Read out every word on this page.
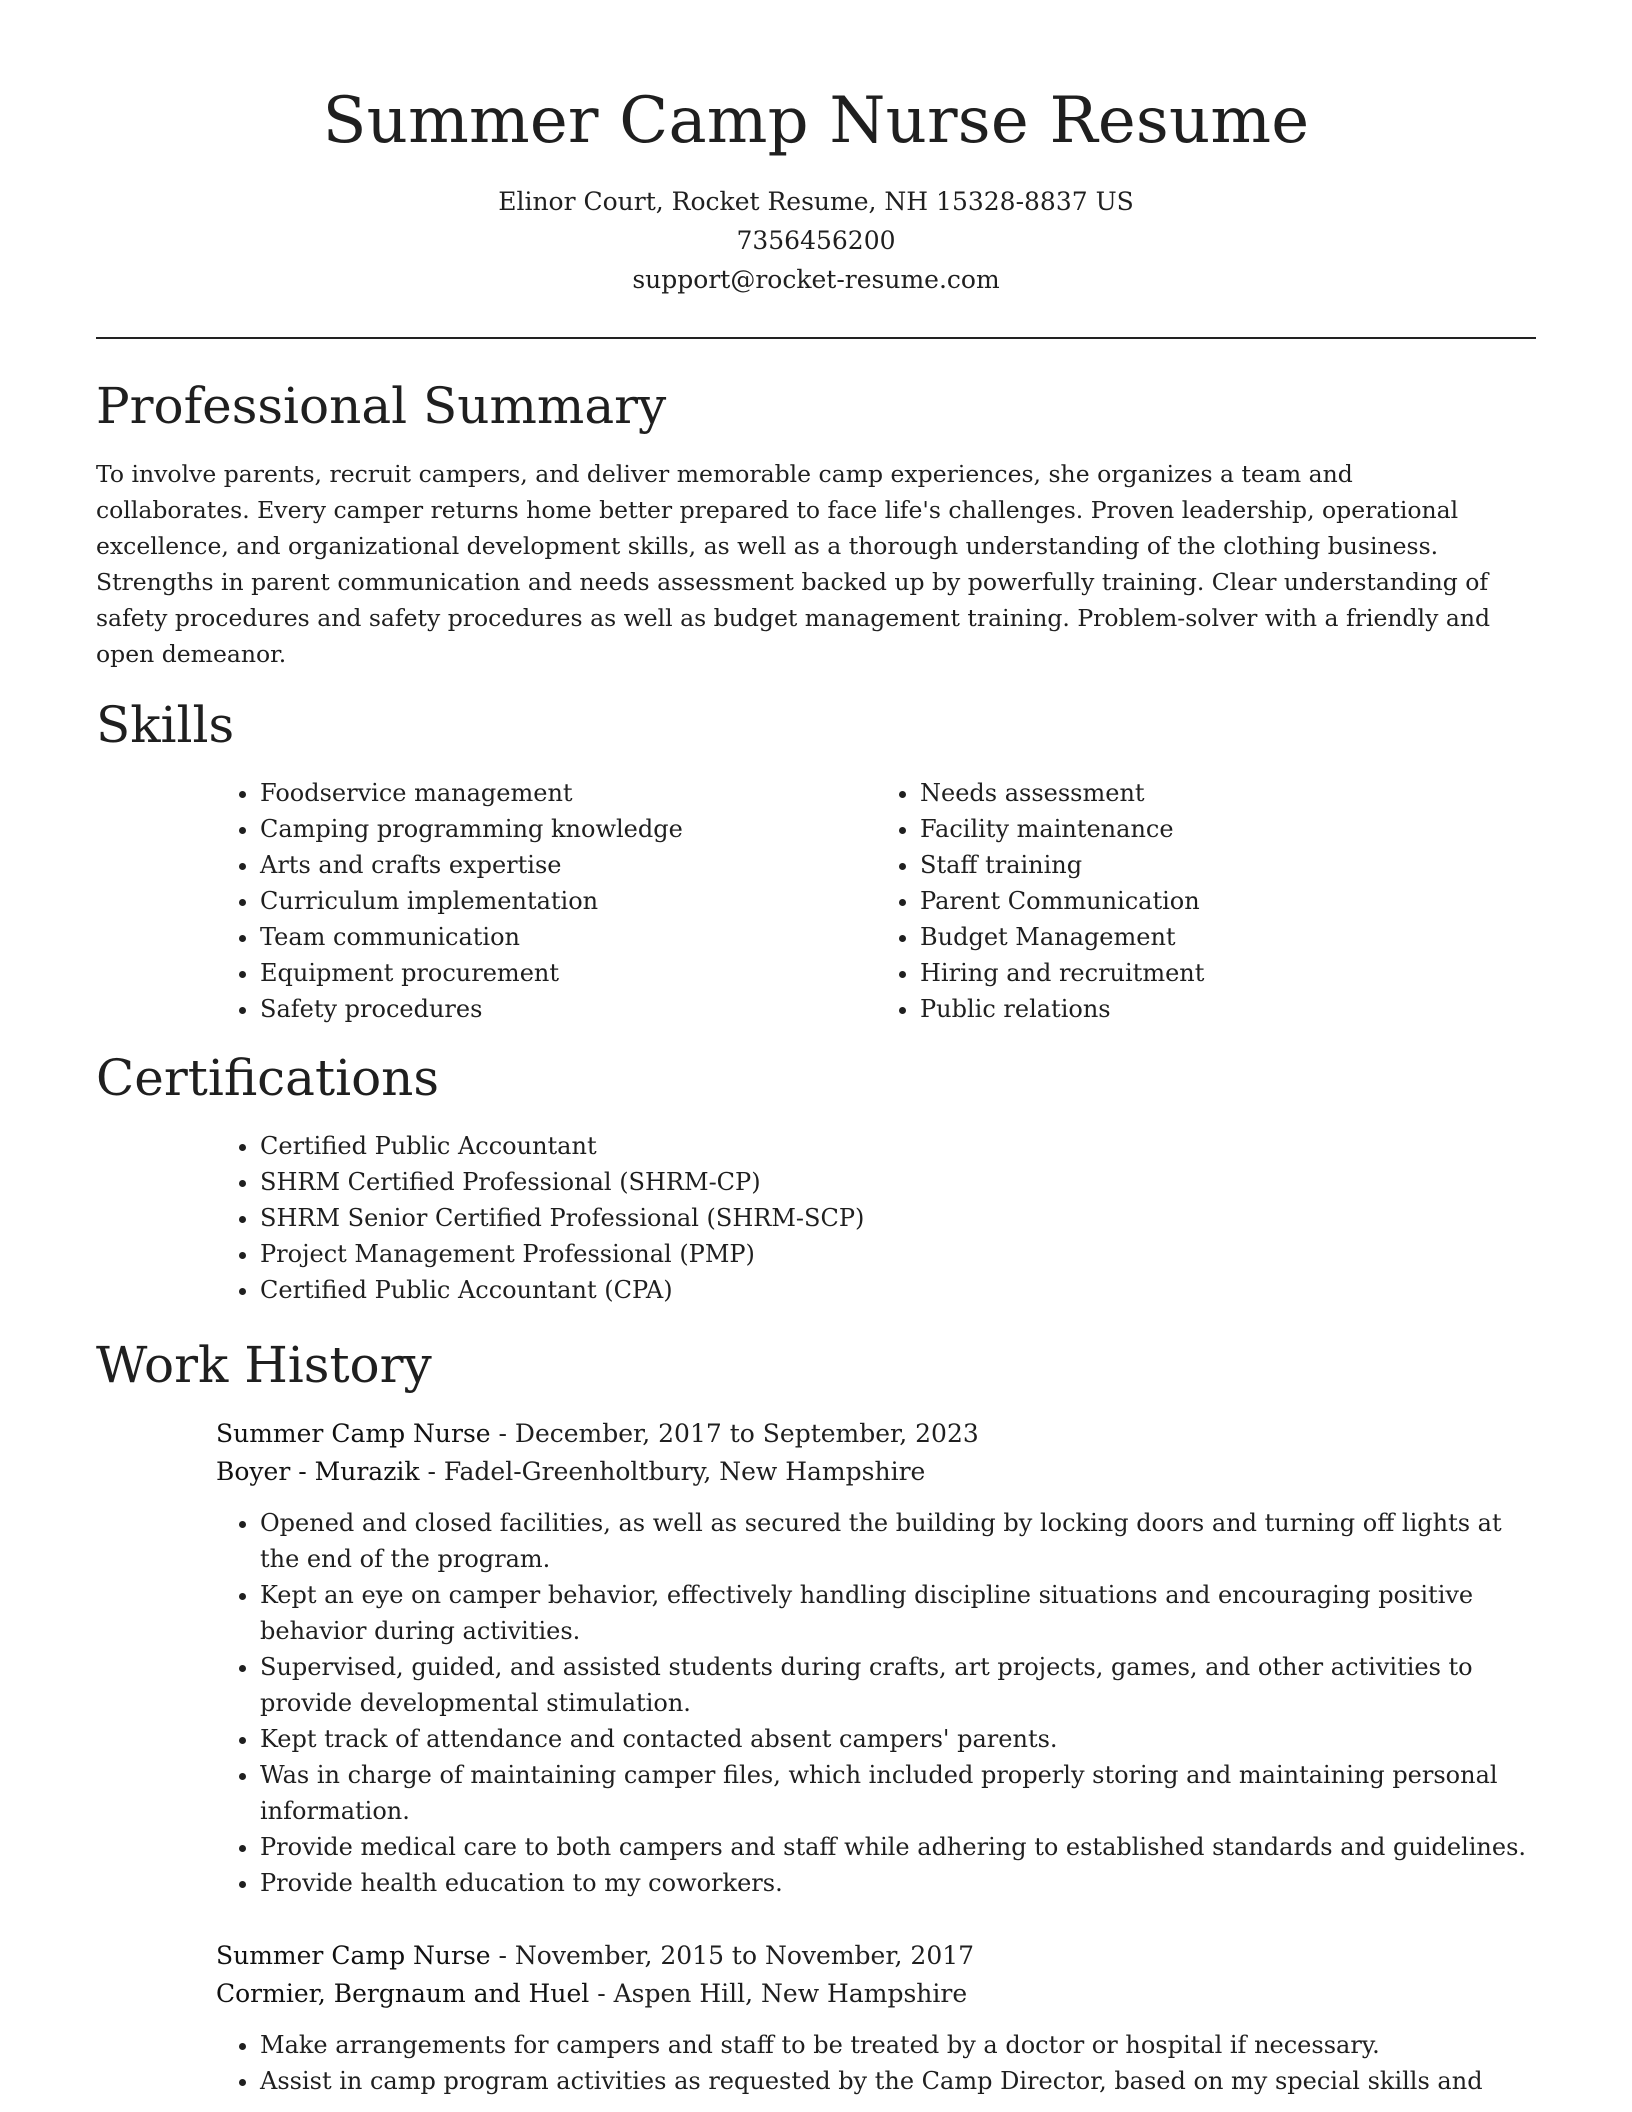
Summer Camp Nurse Resume

Elinor Court, Rocket Resume, NH 15328-8837 US

7356456200

support@rocket-resume.com

Professional Summary

To involve parents, recruit campers, and deliver memorable camp experiences, she organizes a team and collaborates. Every camper returns home better prepared to face life's challenges. Proven leadership, operational excellence, and organizational development skills, as well as a thorough understanding of the clothing business. Strengths in parent communication and needs assessment backed up by powerfully training. Clear understanding of safety procedures and safety procedures as well as budget management training. Problem-solver with a friendly and open demeanor.

Skills
• Foodservice management
• Camping programming knowledge
• Arts and crafts expertise
• Curriculum implementation
• Team communication
• Equipment procurement
• Safety procedures
• Needs assessment
• Facility maintenance
• Staff training
• Parent Communication
• Budget Management
• Hiring and recruitment
• Public relations
Certifications
• Certified Public Accountant
• SHRM Certified Professional (SHRM-CP)
• SHRM Senior Certified Professional (SHRM-SCP)
• Project Management Professional (PMP)
• Certified Public Accountant (CPA)
Work History

Summer Camp Nurse - December, 2017 to September, 2023

Boyer - Murazik - Fadel-Greenholtbury, New Hampshire

• Opened and closed facilities, as well as secured the building by locking doors and turning off lights at the end of the program.
• Kept an eye on camper behavior, effectively handling discipline situations and encouraging positive behavior during activities.
• Supervised, guided, and assisted students during crafts, art projects, games, and other activities to provide developmental stimulation.
• Kept track of attendance and contacted absent campers' parents.
• Was in charge of maintaining camper files, which included properly storing and maintaining personal information.
• Provide medical care to both campers and staff while adhering to established standards and guidelines.
• Provide health education to my coworkers.

Summer Camp Nurse - November, 2015 to November, 2017

Cormier, Bergnaum and Huel - Aspen Hill, New Hampshire

• Make arrangements for campers and staff to be treated by a doctor or hospital if necessary.
• Assist in camp program activities as requested by the Camp Director, based on my special skills and
